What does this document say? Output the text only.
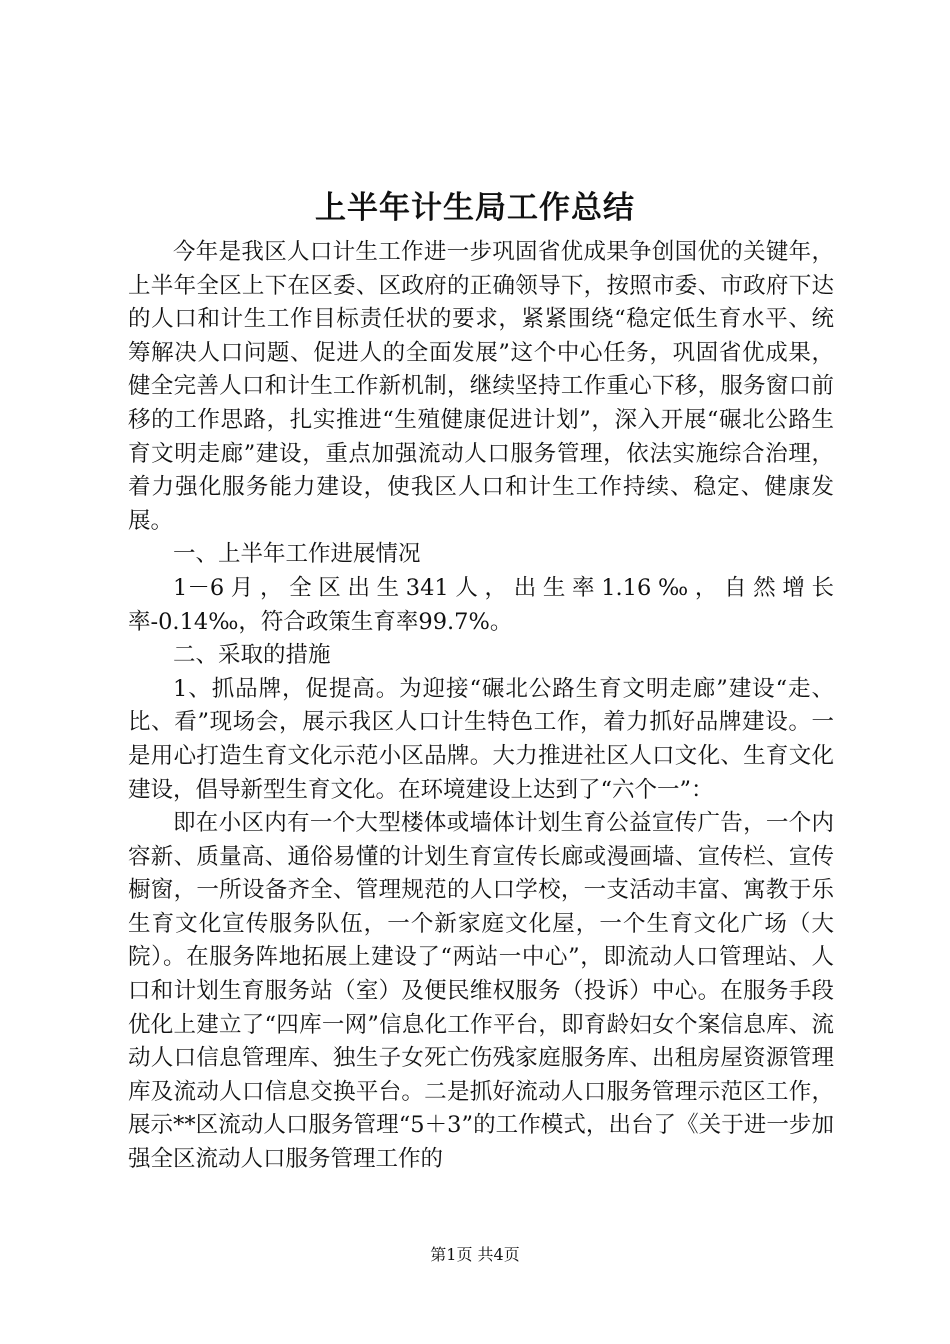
上半年计生局工作总结

今年是我区人口计生工作进一步巩固省优成果争创国优的关键年，上半年全区上下在区委、区政府的正确领导下，按照市委、市政府下达的人口和计生工作目标责任状的要求，紧紧围绕“稳定低生育水平、统筹解决人口问题、促进人的全面发展”这个中心任务，巩固省优成果，健全完善人口和计生工作新机制，继续坚持工作重心下移，服务窗口前移的工作思路，扎实推进“生殖健康促进计划”，深入开展“碾北公路生育文明走廊”建设，重点加强流动人口服务管理，依法实施综合治理，着力强化服务能力建设，使我区人口和计生工作持续、稳定、健康发展。

一、上半年工作进展情况

1－6月，全区出生341人，出生率1.16‰，自然增长率-0.14‰，符合政策生育率99.7%。

二、采取的措施

1、抓品牌，促提高。为迎接“碾北公路生育文明走廊”建设“走、比、看”现场会，展示我区人口计生特色工作，着力抓好品牌建设。一是用心打造生育文化示范小区品牌。大力推进社区人口文化、生育文化建设，倡导新型生育文化。在环境建设上达到了“六个一”：

即在小区内有一个大型楼体或墙体计划生育公益宣传广告，一个内容新、质量高、通俗易懂的计划生育宣传长廊或漫画墙、宣传栏、宣传橱窗，一所设备齐全、管理规范的人口学校，一支活动丰富、寓教于乐生育文化宣传服务队伍，一个新家庭文化屋，一个生育文化广场（大院）。在服务阵地拓展上建设了“两站一中心”，即流动人口管理站、人口和计划生育服务站（室）及便民维权服务（投诉）中心。在服务手段优化上建立了“四库一网”信息化工作平台，即育龄妇女个案信息库、流动人口信息管理库、独生子女死亡伤残家庭服务库、出租房屋资源管理库及流动人口信息交换平台。二是抓好流动人口服务管理示范区工作，展示**区流动人口服务管理“5＋3”的工作模式，出台了《关于进一步加强全区流动人口服务管理工作的

第1页 共4页
